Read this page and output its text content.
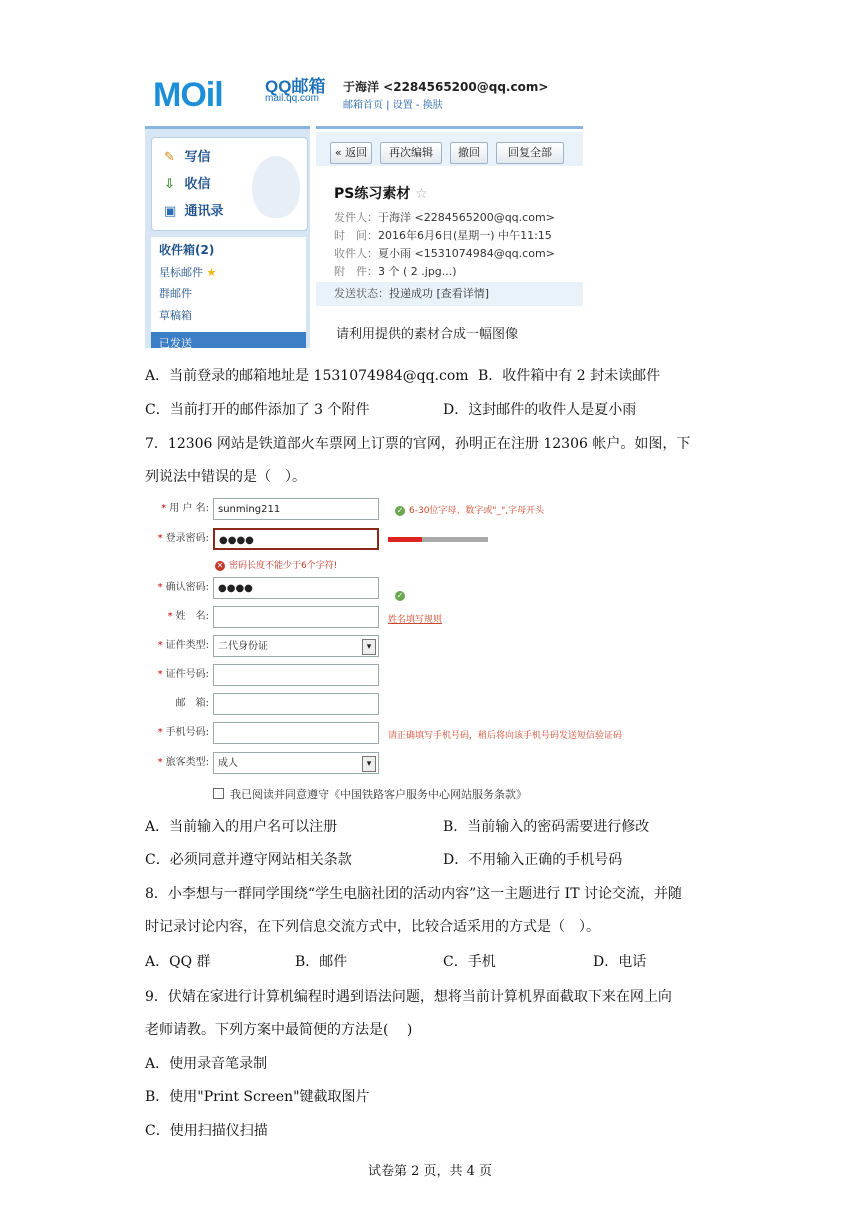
MOil QQ邮箱
mail.qq.com
于海洋 <2284565200@qq.com>
邮箱首页 | 设置 - 换肤
✎ 写信
⇩ 收信
▣ 通讯录
收件箱(2)
星标邮件 ★
群邮件
草稿箱
已发送
« 返回	再次编辑	撤回	回复全部
PS练习素材 ☆
发件人：于海洋 <2284565200@qq.com>
时　间：2016年6月6日(星期一) 中午11:15
收件人：夏小雨 <1531074984@qq.com>
附　件：3 个 ( 2 .jpg...)
发送状态：投递成功 [查看详情]
请利用提供的素材合成一幅图像
A．当前登录的邮箱地址是 1531074984@qq.com B．收件箱中有 2 封未读邮件
C．当前打开的邮件添加了 3 个附件	D．这封邮件的收件人是夏小雨
7．12306 网站是铁道部火车票网上订票的官网，孙明正在注册 12306 帐户。如图，下
列说法中错误的是（　）。
* 用 户 名: sunming211	✓ 6-30位字母、数字或"_",字母开头
* 登录密码:	●●●●
✕ 密码长度不能少于6个字符!
* 确认密码: ●●●●
✓
* 姓　名:	姓名填写规则
* 证件类型: 二代身份证 ▾
* 证件号码:
邮　箱:
* 手机号码:	请正确填写手机号码，稍后将向该手机号码发送短信验证码
* 旅客类型: 成人 ▾
我已阅读并同意遵守《中国铁路客户服务中心网站服务条款》
A．当前输入的用户名可以注册	B．当前输入的密码需要进行修改
C．必须同意并遵守网站相关条款	D．不用输入正确的手机号码
8．小李想与一群同学围绕“学生电脑社团的活动内容”这一主题进行 IT 讨论交流，并随
时记录讨论内容，在下列信息交流方式中，比较合适采用的方式是（　）。
A．QQ 群	B．邮件	C．手机	D．电话
9．伏婧在家进行计算机编程时遇到语法问题，想将当前计算机界面截取下来在网上向
老师请教。下列方案中最简便的方法是(　 )
A．使用录音笔录制
B．使用"Print Screen"键截取图片
C．使用扫描仪扫描
试卷第 2 页，共 4 页
